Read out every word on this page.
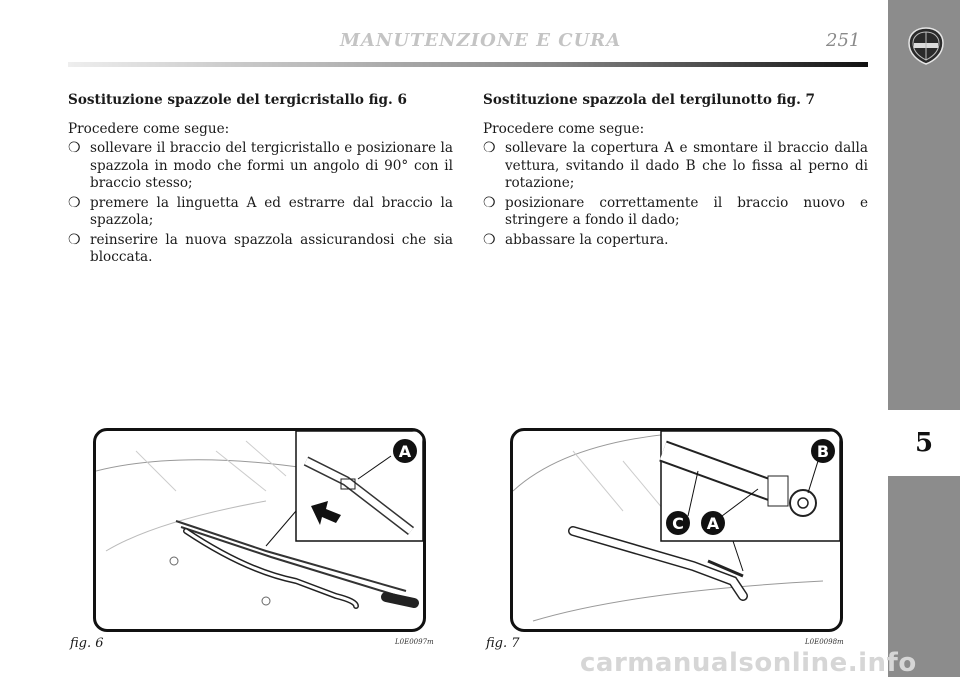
MANUTENZIONE E CURA	251
5
Sostituzione spazzole del tergicristallo fig. 6
Procedere come segue:
❍ sollevare il braccio del tergicristallo e posizionare la spazzola in modo che formi un angolo di 90° con il braccio stesso;
❍ premere la linguetta A ed estrarre dal braccio la spazzola;
❍ reinserire la nuova spazzola assicurandosi che sia bloccata.
Sostituzione spazzola del tergilunotto fig. 7
Procedere come segue:
❍ sollevare la copertura A e smontare il braccio dalla vettura, svitando il dado B che lo fissa al perno di rotazione;
❍ posizionare correttamente il braccio nuovo e stringere a fondo il dado;
❍ abbassare la copertura.
A
fig. 6	L0E0097m
C A
B
fig. 7	L0E0098m
carmanualsonline.info
